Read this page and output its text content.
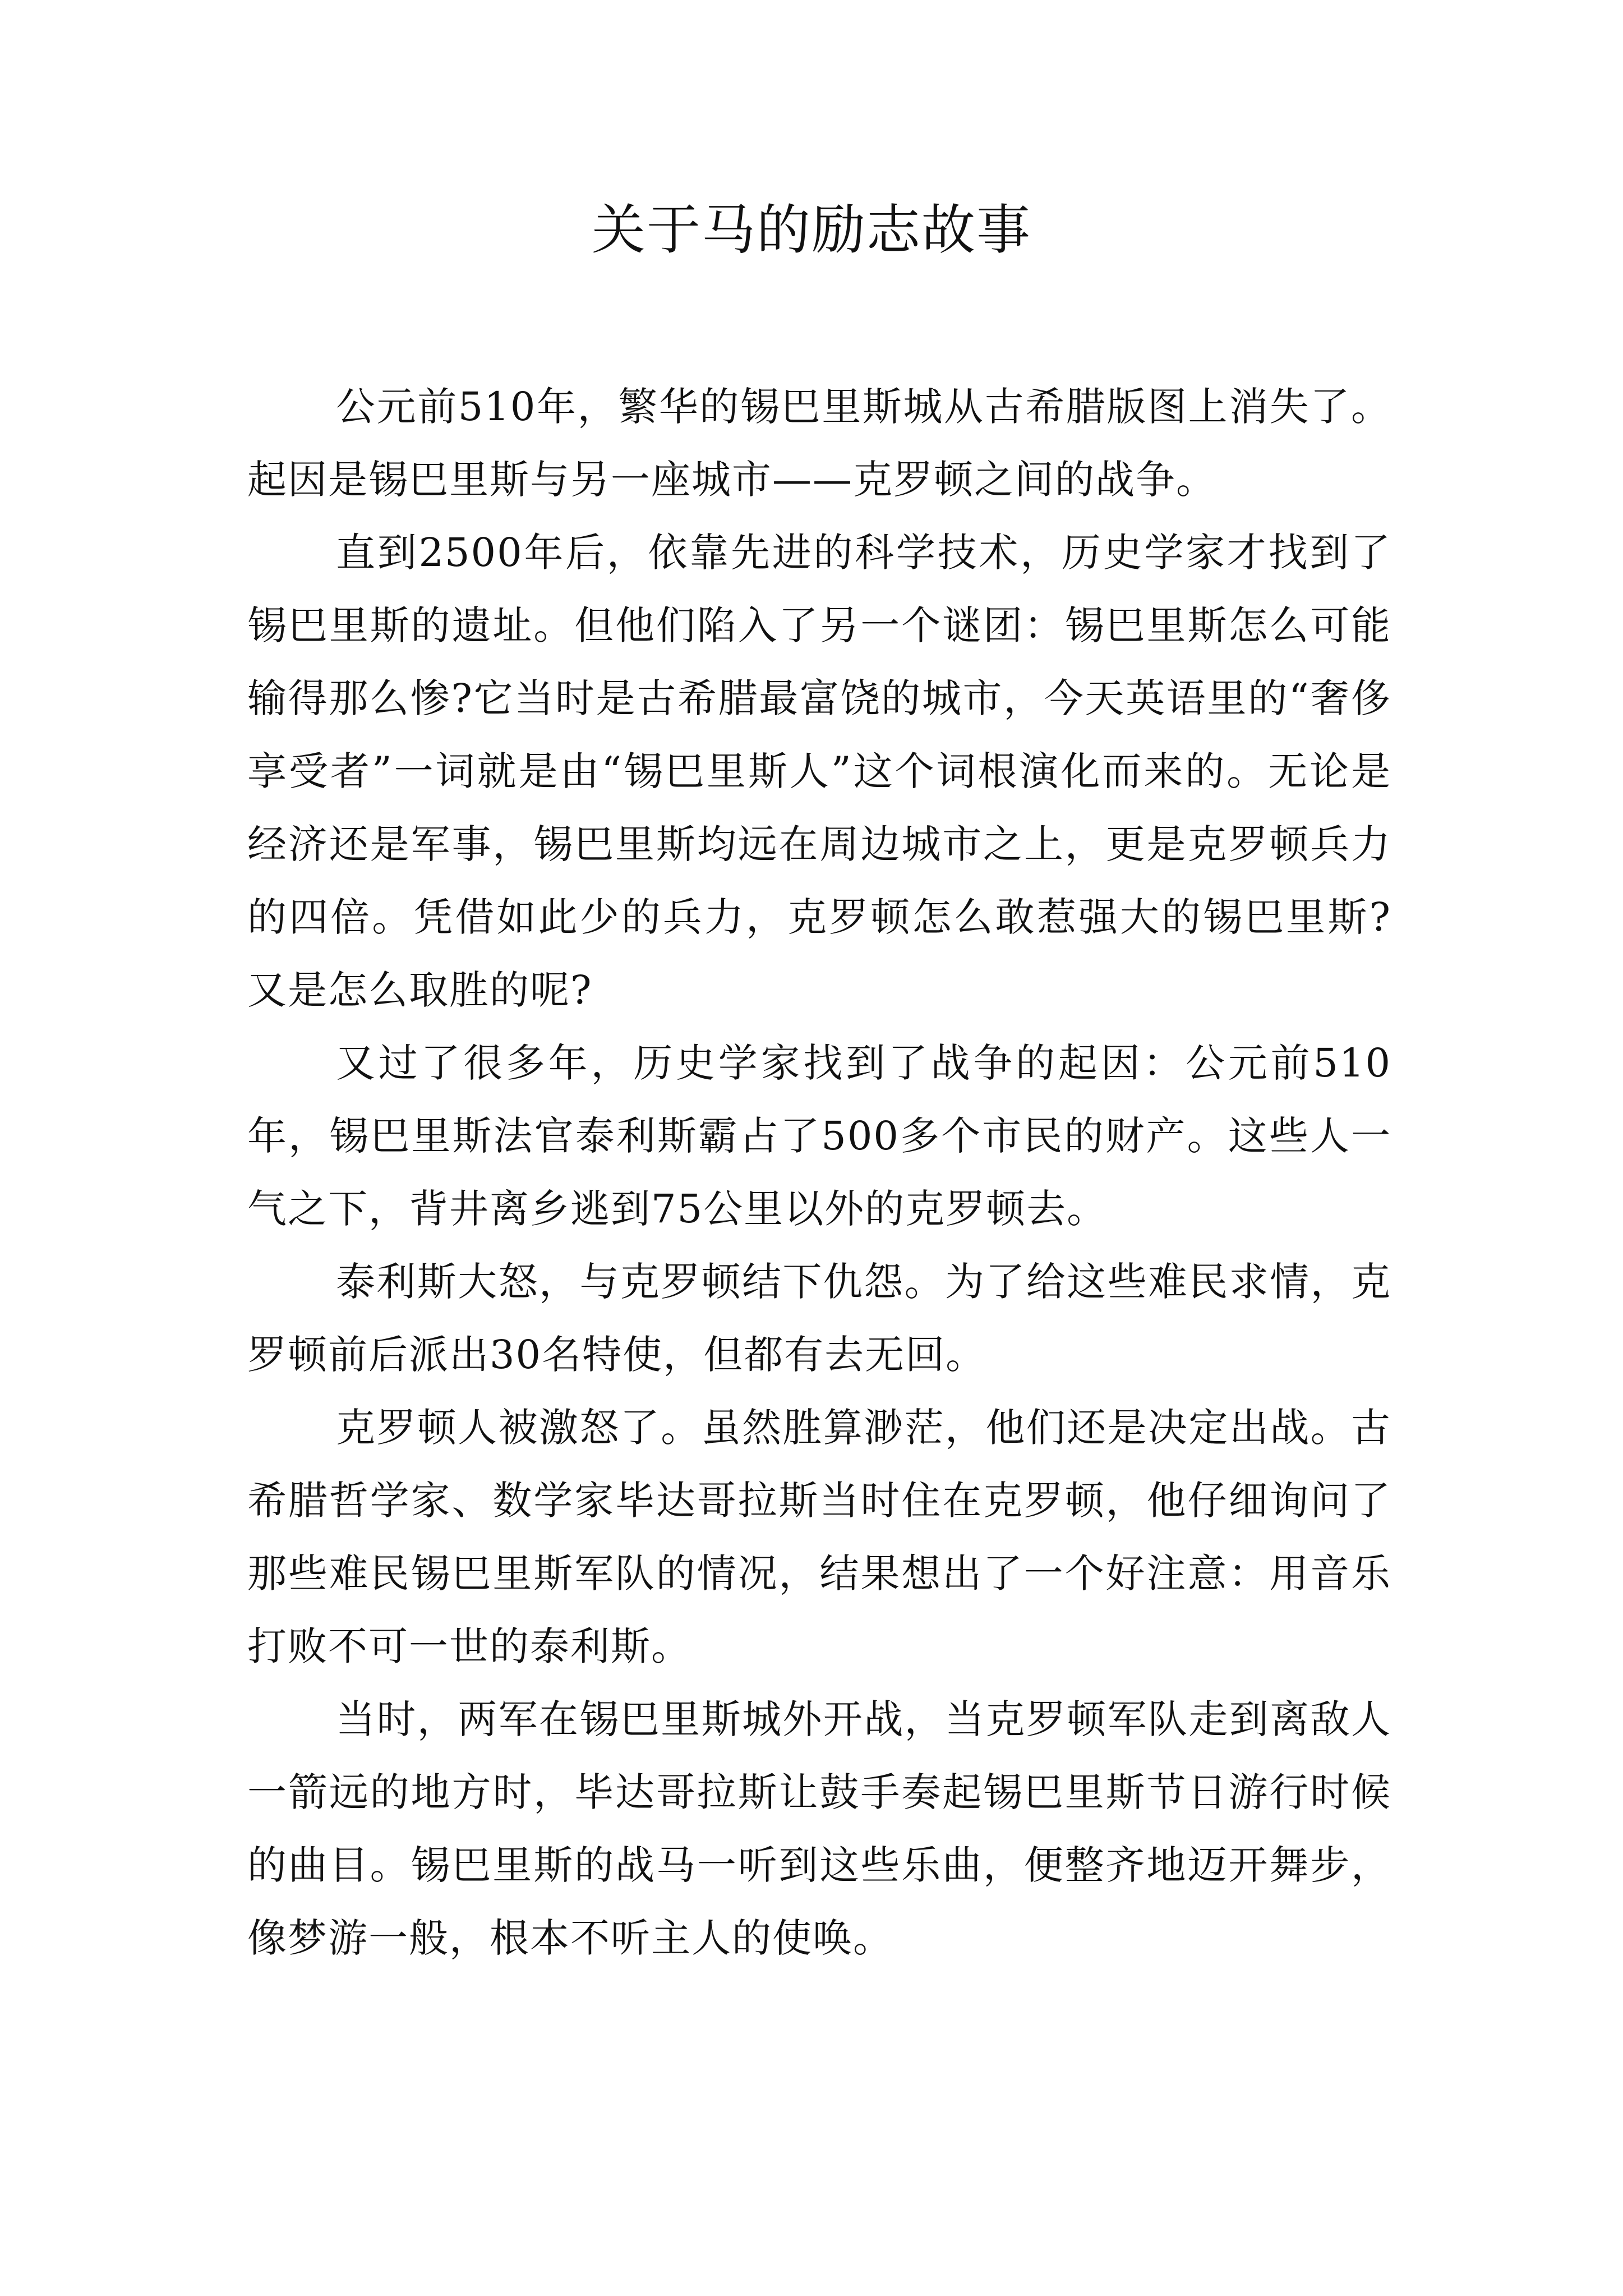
关于马的励志故事

公元前510年，繁华的锡巴里斯城从古希腊版图上消失了。起因是锡巴里斯与另一座城市——克罗顿之间的战争。

直到2500年后，依靠先进的科学技术，历史学家才找到了锡巴里斯的遗址。但他们陷入了另一个谜团：锡巴里斯怎么可能输得那么惨?它当时是古希腊最富饶的城市，今天英语里的“奢侈享受者”一词就是由“锡巴里斯人”这个词根演化而来的。无论是经济还是军事，锡巴里斯均远在周边城市之上，更是克罗顿兵力的四倍。凭借如此少的兵力，克罗顿怎么敢惹强大的锡巴里斯?又是怎么取胜的呢?

又过了很多年，历史学家找到了战争的起因：公元前510年，锡巴里斯法官泰利斯霸占了500多个市民的财产。这些人一气之下，背井离乡逃到75公里以外的克罗顿去。

泰利斯大怒，与克罗顿结下仇怨。为了给这些难民求情，克罗顿前后派出30名特使，但都有去无回。

克罗顿人被激怒了。虽然胜算渺茫，他们还是决定出战。古希腊哲学家、数学家毕达哥拉斯当时住在克罗顿，他仔细询问了那些难民锡巴里斯军队的情况，结果想出了一个好注意：用音乐打败不可一世的泰利斯。

当时，两军在锡巴里斯城外开战，当克罗顿军队走到离敌人一箭远的地方时，毕达哥拉斯让鼓手奏起锡巴里斯节日游行时候的曲目。锡巴里斯的战马一听到这些乐曲，便整齐地迈开舞步，像梦游一般，根本不听主人的使唤。
